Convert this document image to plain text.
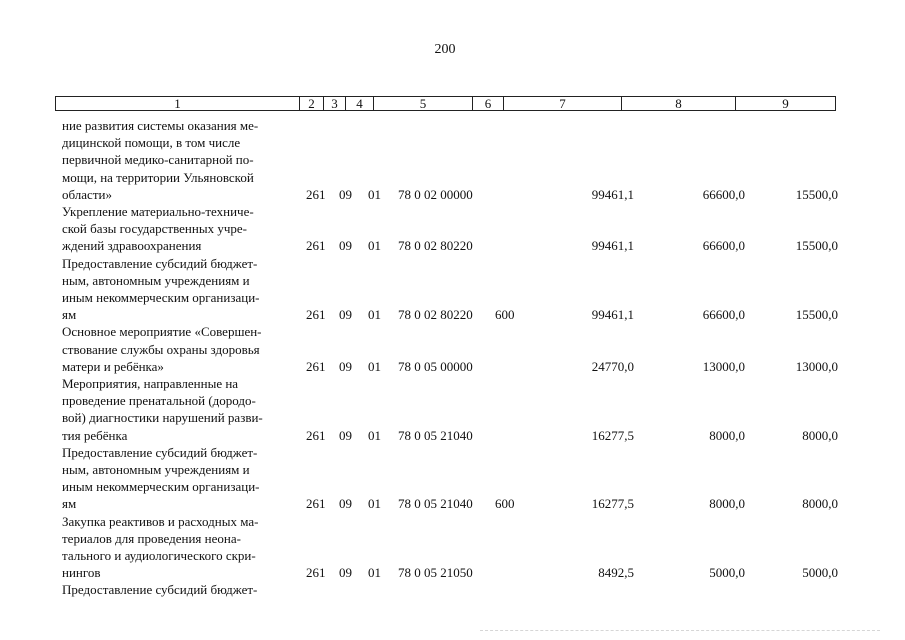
200
1	2	3	4	5	6	7	8	9
ние развития системы оказания ме-
дицинской помощи, в том числе
первичной медико-санитарной по-
мощи, на территории Ульяновской
области»	261 09 01 78 0 02 00000	99461,1	66600,0	15500,0
Укрепление материально-техниче-
ской базы государственных учре-
ждений здравоохранения	261 09 01 78 0 02 80220	99461,1	66600,0	15500,0
Предоставление субсидий бюджет-
ным, автономным учреждениям и
иным некоммерческим организаци-
ям	261 09 01 78 0 02 80220 600	99461,1	66600,0	15500,0
Основное мероприятие «Совершен-
ствование службы охраны здоровья
матери и ребёнка»	261 09 01 78 0 05 00000	24770,0	13000,0	13000,0
Мероприятия, направленные на
проведение пренатальной (дородо-
вой) диагностики нарушений разви-
тия ребёнка	261 09 01 78 0 05 21040	16277,5	8000,0	8000,0
Предоставление субсидий бюджет-
ным, автономным учреждениям и
иным некоммерческим организаци-
ям	261 09 01 78 0 05 21040 600	16277,5	8000,0	8000,0
Закупка реактивов и расходных ма-
териалов для проведения неона-
тального и аудиологического скри-
нингов	261 09 01 78 0 05 21050	8492,5	5000,0	5000,0
Предоставление субсидий бюджет-
